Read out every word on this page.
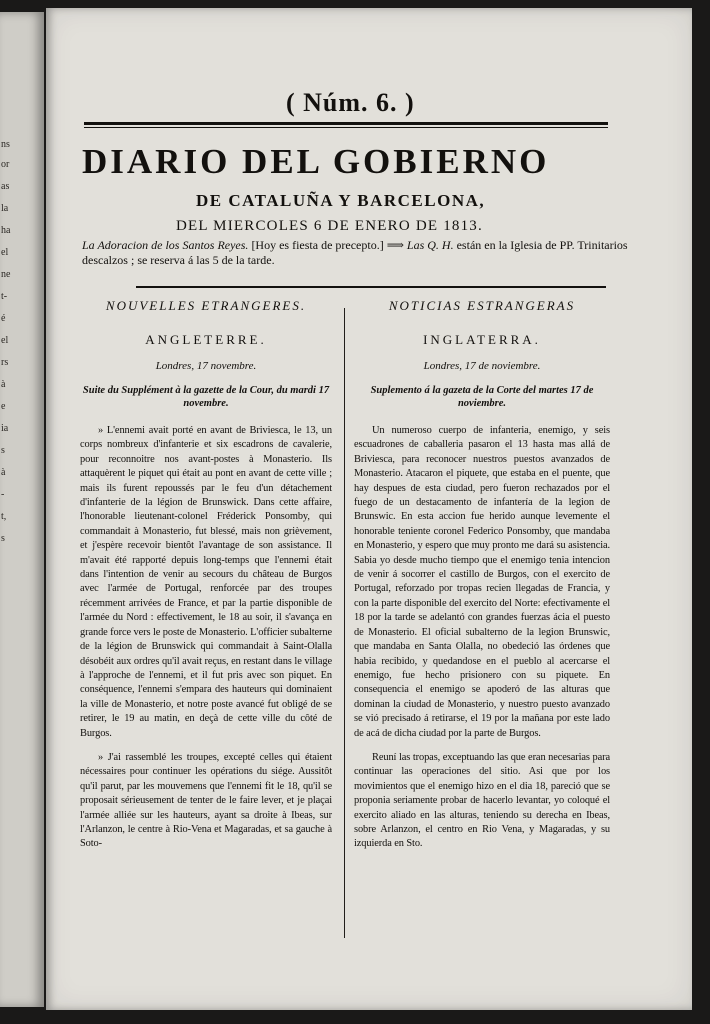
ns
or
as
la
ha
el
ne
t-
é
el
rs
à
e
ia
s
à
-
t,
s
( Núm. 6. )
DIARIO DEL GOBIERNO
DE CATALUÑA Y BARCELONA,
DEL MIERCOLES 6 DE ENERO DE 1813.
La Adoracion de los Santos Reyes. [Hoy es fiesta de precepto.] ⟹ Las Q. H. están en la Iglesia de PP. Trinitarios descalzos ; se reserva á las 5 de la tarde.

NOUVELLES ETRANGERES.

ANGLETERRE.

Londres, 17 novembre.

Suite du Supplément à la gazette de la Cour, du mardi 17 novembre.

» L'ennemi avait porté en avant de Briviesca, le 13, un corps nombreux d'infanterie et six escadrons de cavalerie, pour reconnoitre nos avant-postes à Monasterio. Ils attaquèrent le piquet qui était au pont en avant de cette ville ; mais ils furent repoussés par le feu d'un détachement d'infanterie de la légion de Brunswick. Dans cette affaire, l'honorable lieutenant-colonel Fréderick Ponsomby, qui commandait à Monasterio, fut blessé, mais non grièvement, et j'espère recevoir bientôt l'avantage de son assistance. Il m'avait été rapporté depuis long-temps que l'ennemi était dans l'intention de venir au secours du château de Burgos avec l'armée de Portugal, renforcée par des troupes récemment arrivées de France, et par la partie disponible de l'armée du Nord : effectivement, le 18 au soir, il s'avança en grande force vers le poste de Monasterio. L'officier subalterne de la légion de Brunswick qui commandait à Saint-Olalla désobéit aux ordres qu'il avait reçus, en restant dans le village à l'approche de l'ennemi, et il fut pris avec son piquet. En conséquence, l'ennemi s'empara des hauteurs qui dominaient la ville de Monasterio, et notre poste avancé fut obligé de se retirer, le 19 au matin, en deçà de cette ville du côté de Burgos.

» J'ai rassemblé les troupes, excepté celles qui étaient nécessaires pour continuer les opérations du siége. Aussitôt qu'il parut, par les mouvemens que l'ennemi fit le 18, qu'il se proposait sérieusement de tenter de le faire lever, et je plaçai l'armée alliée sur les hauteurs, ayant sa droite à Ibeas, sur l'Arlanzon, le centre à Rio-Vena et Magaradas, et sa gauche à Soto-

NOTICIAS ESTRANGERAS

INGLATERRA.

Londres, 17 de noviembre.

Suplemento á la gazeta de la Corte del martes 17 de noviembre.

Un numeroso cuerpo de infanteria, enemigo, y seis escuadrones de caballeria pasaron el 13 hasta mas allá de Briviesca, para reconocer nuestros puestos avanzados de Monasterio. Atacaron el piquete, que estaba en el puente, que hay despues de esta ciudad, pero fueron rechazados por el fuego de un destacamento de infantería de la legion de Brunswic. En esta accion fue herido aunque levemente el honorable teniente coronel Federico Ponsomby, que mandaba en Monasterio, y espero que muy pronto me dará su asistencia. Sabia yo desde mucho tiempo que el enemigo tenia intencion de venir á socorrer el castillo de Burgos, con el exercito de Portugal, reforzado por tropas recien llegadas de Francia, y con la parte disponible del exercito del Norte: efectivamente el 18 por la tarde se adelantó con grandes fuerzas ácia el puesto de Monasterio. El oficial subalterno de la legion Brunswic, que mandaba en Santa Olalla, no obedeció las órdenes que habia recibido, y quedandose en el pueblo al acercarse el enemigo, fue hecho prisionero con su piquete. En consequencia el enemigo se apoderó de las alturas que dominan la ciudad de Monasterio, y nuestro puesto avanzado se vió precisado á retirarse, el 19 por la mañana por este lado de acá de dicha ciudad por la parte de Burgos.

Reuní las tropas, exceptuando las que eran necesarias para continuar las operaciones del sitio. Asi que por los movimientos que el enemigo hizo en el dia 18, pareció que se proponia seriamente probar de hacerlo levantar, yo coloqué el exercito aliado en las alturas, teniendo su derecha en Ibeas, sobre Arlanzon, el centro en Rio Vena, y Magaradas, y su izquierda en Sto.
